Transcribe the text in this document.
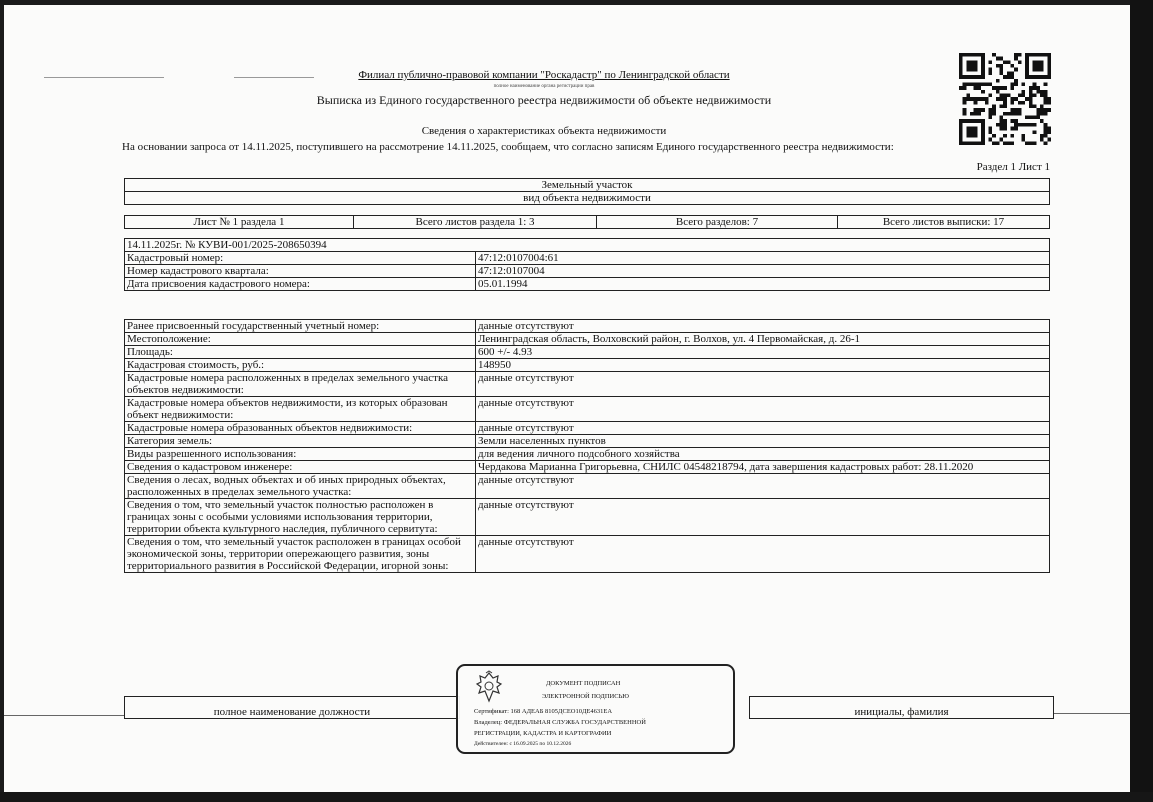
Филиал публично-правовой компании "Роскадастр" по Ленинградской области
полное наименование органа регистрации прав
Выписка из Единого государственного реестра недвижимости об объекте недвижимости
Сведения о характеристиках объекта недвижимости
На основании запроса от 14.11.2025, поступившего на рассмотрение 14.11.2025, сообщаем, что согласно записям Единого государственного реестра недвижимости:
Раздел 1 Лист 1
Земельный участок
вид объекта недвижимости
Лист № 1 раздела 1	Всего листов раздела 1: 3	Всего разделов: 7	Всего листов выписки: 17
14.11.2025г. № КУВИ-001/2025-208650394	
Кадастровый номер:	47:12:0107004:61
Номер кадастрового квартала:	47:12:0107004
Дата присвоения кадастрового номера:	05.01.1994
Ранее присвоенный государственный учетный номер:	данные отсутствуют
Местоположение:	Ленинградская область, Волховский район, г. Волхов, ул. 4 Первомайская, д. 26-1
Площадь:	600 +/- 4.93
Кадастровая стоимость, руб.:	148950
Кадастровые номера расположенных в пределах земельного участка объектов недвижимости:	данные отсутствуют
Кадастровые номера объектов недвижимости, из которых образован объект недвижимости:	данные отсутствуют
Кадастровые номера образованных объектов недвижимости:	данные отсутствуют
Категория земель:	Земли населенных пунктов
Виды разрешенного использования:	для ведения личного подсобного хозяйства
Сведения о кадастровом инженере:	Чердакова Марианна Григорьевна, СНИЛС 04548218794, дата завершения кадастровых работ: 28.11.2020
Сведения о лесах, водных объектах и об иных природных объектах, расположенных в пределах земельного участка:	данные отсутствуют
Сведения о том, что земельный участок полностью расположен в границах зоны с особыми условиями использования территории, территории объекта культурного наследия, публичного сервитута:	данные отсутствуют
Сведения о том, что земельный участок расположен в границах особой экономической зоны, территории опережающего развития, зоны территориального развития в Российской Федерации, игорной зоны:	данные отсутствуют
полное наименование должности		инициалы, фамилия
ДОКУМЕНТ ПОДПИСАН
ЭЛЕКТРОННОЙ ПОДПИСЬЮ
Сертификат: 168 АДЕАБ 8105ДСЕО10ДЕ4631ЕА
Владелец: ФЕДЕРАЛЬНАЯ СЛУЖБА ГОСУДАРСТВЕННОЙ
РЕГИСТРАЦИИ, КАДАСТРА И КАРТОГРАФИИ
Действителен: с 16.09.2025 по 10.12.2026
